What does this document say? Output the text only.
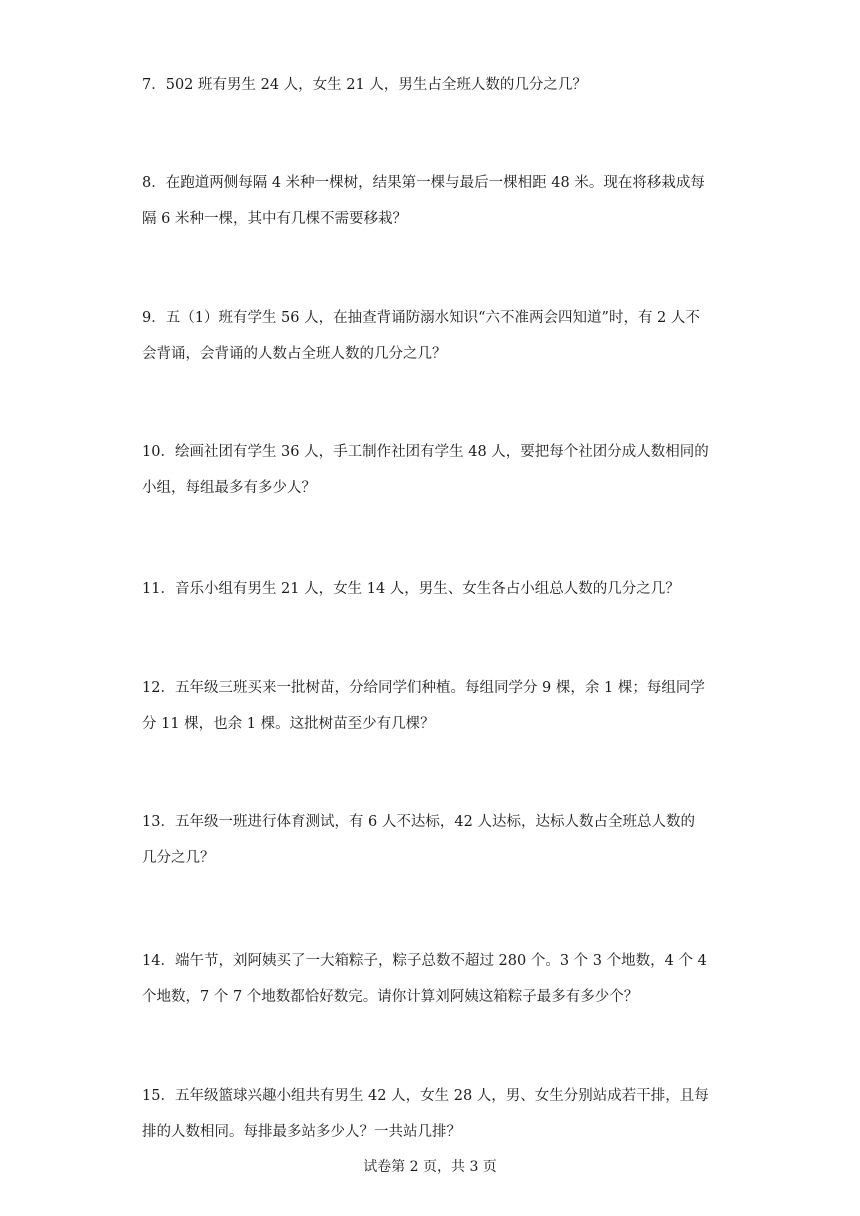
7．502 班有男生 24 人，女生 21 人，男生占全班人数的几分之几？
8．在跑道两侧每隔 4 米种一棵树，结果第一棵与最后一棵相距 48 米。现在将移栽成每
隔 6 米种一棵，其中有几棵不需要移栽？
9．五（1）班有学生 56 人，在抽查背诵防溺水知识“六不准两会四知道”时，有 2 人不
会背诵，会背诵的人数占全班人数的几分之几？
10．绘画社团有学生 36 人，手工制作社团有学生 48 人，要把每个社团分成人数相同的
小组，每组最多有多少人？
11．音乐小组有男生 21 人，女生 14 人，男生、女生各占小组总人数的几分之几？
12．五年级三班买来一批树苗，分给同学们种植。每组同学分 9 棵，余 1 棵；每组同学
分 11 棵，也余 1 棵。这批树苗至少有几棵？
13．五年级一班进行体育测试，有 6 人不达标，42 人达标，达标人数占全班总人数的
几分之几？
14．端午节，刘阿姨买了一大箱粽子，粽子总数不超过 280 个。3 个 3 个地数，4 个 4
个地数，7 个 7 个地数都恰好数完。请你计算刘阿姨这箱粽子最多有多少个？
15．五年级篮球兴趣小组共有男生 42 人，女生 28 人，男、女生分别站成若干排，且每
排的人数相同。每排最多站多少人？一共站几排？
试卷第 2 页，共 3 页
